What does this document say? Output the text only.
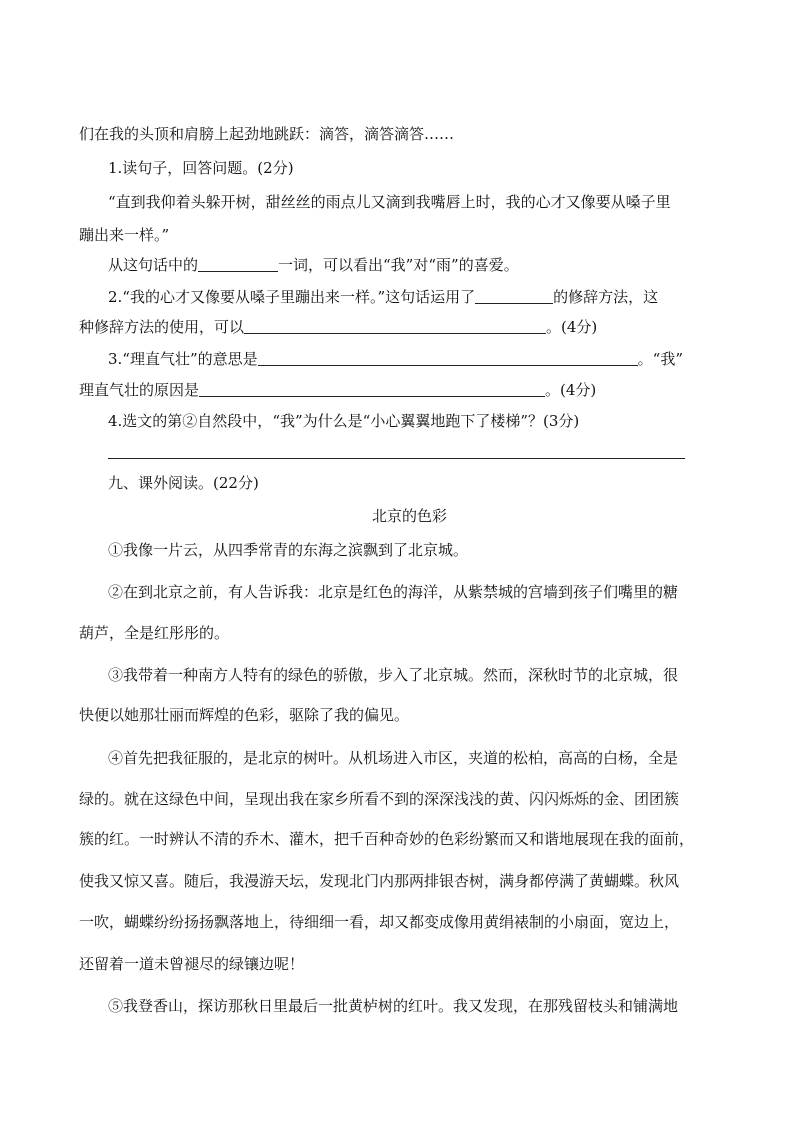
们在我的头顶和肩膀上起劲地跳跃：滴答，滴答滴答……
1.读句子，回答问题。(2分)
“直到我仰着头躲开树，甜丝丝的雨点儿又滴到我嘴唇上时，我的心才又像要从嗓子里
蹦出来一样。”
从这句话中的	一词，可以看出“我”对“雨”的喜爱。
2.“我的心才又像要从嗓子里蹦出来一样。”这句话运用了	的修辞方法，这
种修辞方法的使用，可以	。(4分)
3.“理直气壮”的意思是	。“我”
理直气壮的原因是	。(4分)
4.选文的第②自然段中，“我”为什么是“小心翼翼地跑下了楼梯”？(3分)
九、课外阅读。(22分)
北京的色彩
①我像一片云，从四季常青的东海之滨飘到了北京城。
②在到北京之前，有人告诉我：北京是红色的海洋，从紫禁城的宫墙到孩子们嘴里的糖
葫芦，全是红彤彤的。
③我带着一种南方人特有的绿色的骄傲，步入了北京城。然而，深秋时节的北京城，很
快便以她那壮丽而辉煌的色彩，驱除了我的偏见。
④首先把我征服的，是北京的树叶。从机场进入市区，夹道的松柏，高高的白杨，全是
绿的。就在这绿色中间，呈现出我在家乡所看不到的深深浅浅的黄、闪闪烁烁的金、团团簇
簇的红。一时辨认不清的乔木、灌木，把千百种奇妙的色彩纷繁而又和谐地展现在我的面前，
使我又惊又喜。随后，我漫游天坛，发现北门内那两排银杏树，满身都停满了黄蝴蝶。秋风
一吹，蝴蝶纷纷扬扬飘落地上，待细细一看，却又都变成像用黄绢裱制的小扇面，宽边上，
还留着一道未曾褪尽的绿镶边呢！
⑤我登香山，探访那秋日里最后一批黄栌树的红叶。我又发现，在那残留枝头和铺满地
